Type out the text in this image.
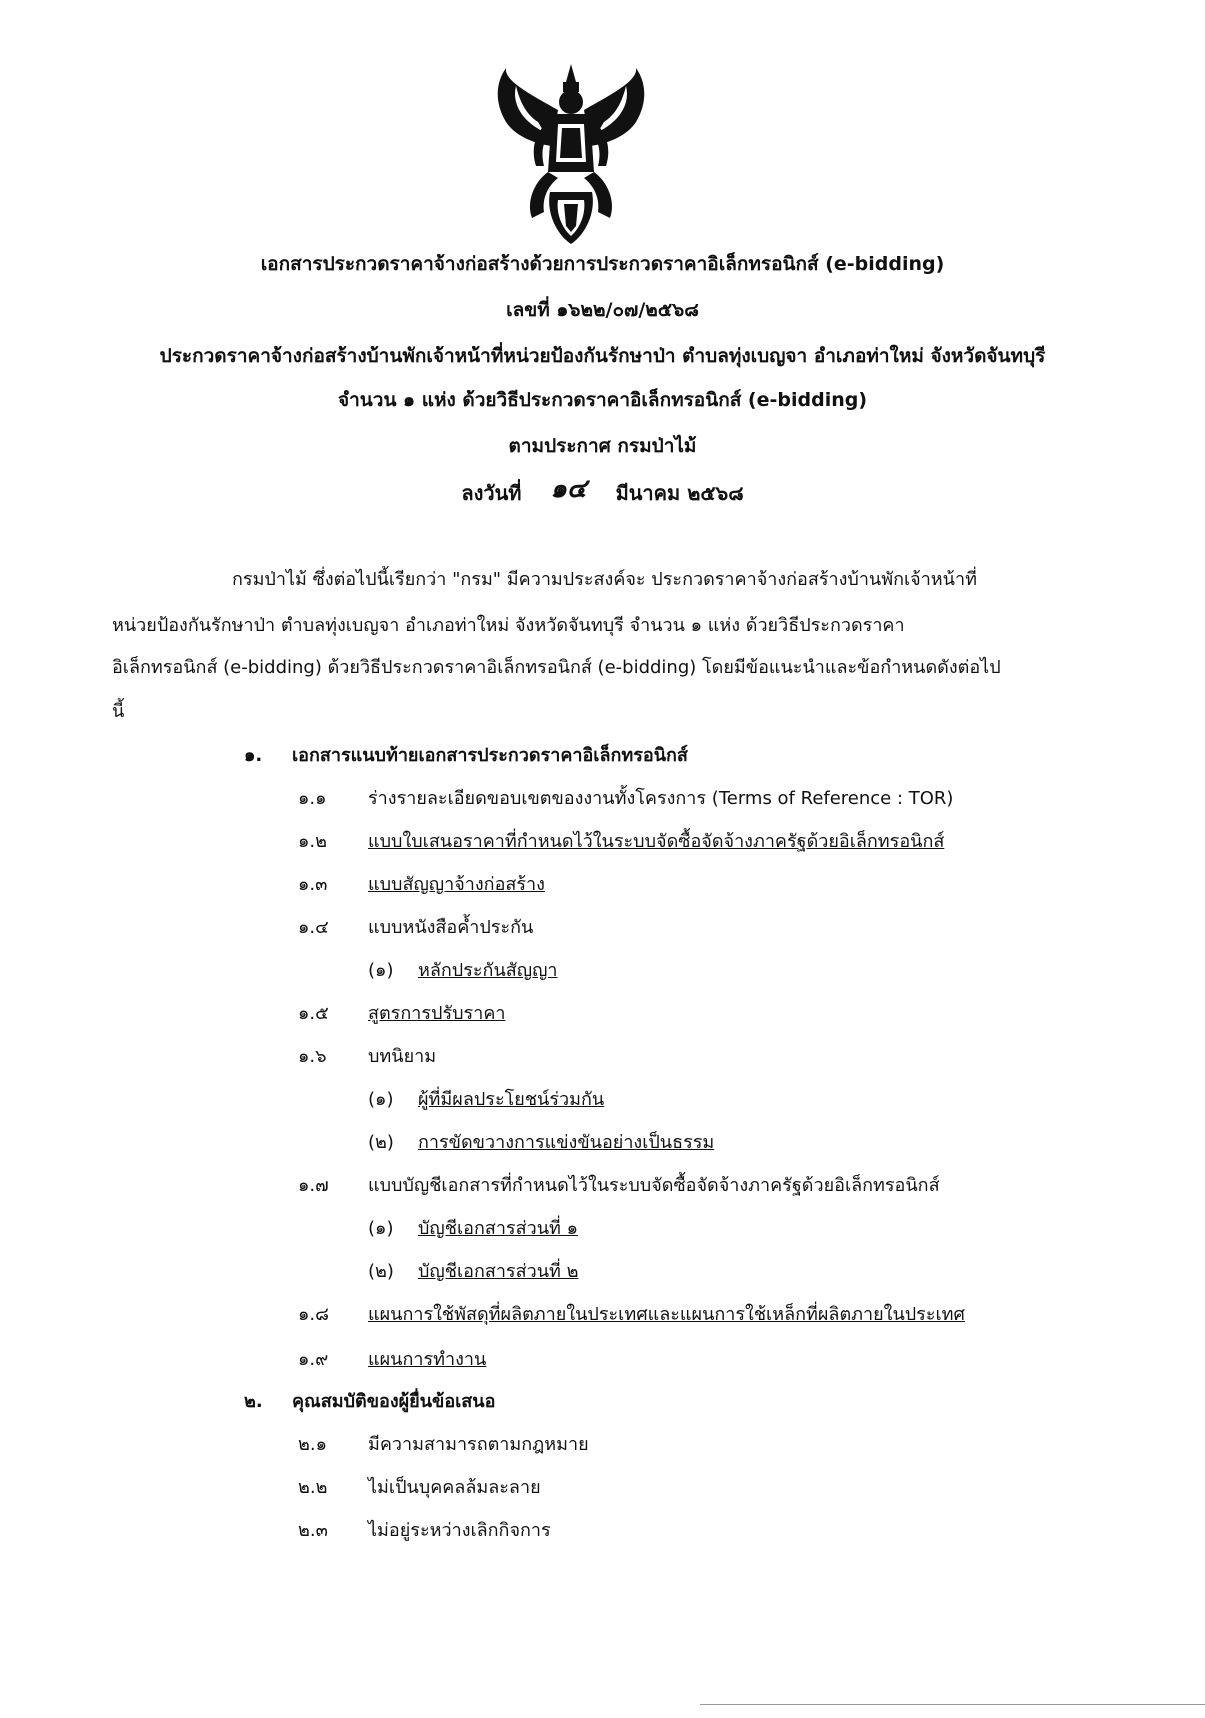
เอกสารประกวดราคาจ้างก่อสร้างด้วยการประกวดราคาอิเล็กทรอนิกส์ (e-bidding)

เลขที่ ๑๖๒๒/๐๗/๒๕๖๘

ประกวดราคาจ้างก่อสร้างบ้านพักเจ้าหน้าที่หน่วยป้องกันรักษาป่า ตำบลทุ่งเบญจา อำเภอท่าใหม่ จังหวัดจันทบุรี

จำนวน ๑ แห่ง ด้วยวิธีประกวดราคาอิเล็กทรอนิกส์ (e-bidding)

ตามประกาศ กรมป่าไม้

ลงวันที่ ๑๔ มีนาคม ๒๕๖๘

กรมป่าไม้ ซึ่งต่อไปนี้เรียกว่า "กรม" มีความประสงค์จะ ประกวดราคาจ้างก่อสร้างบ้านพักเจ้าหน้าที่
หน่วยป้องกันรักษาป่า ตำบลทุ่งเบญจา อำเภอท่าใหม่ จังหวัดจันทบุรี จำนวน ๑ แห่ง ด้วยวิธีประกวดราคา
อิเล็กทรอนิกส์ (e-bidding) ด้วยวิธีประกวดราคาอิเล็กทรอนิกส์ (e-bidding) โดยมีข้อแนะนำและข้อกำหนดดังต่อไป
นี้
๑. เอกสารแนบท้ายเอกสารประกวดราคาอิเล็กทรอนิกส์
๑.๑ ร่างรายละเอียดขอบเขตของงานทั้งโครงการ (Terms of Reference : TOR)
๑.๒ แบบใบเสนอราคาที่กำหนดไว้ในระบบจัดซื้อจัดจ้างภาครัฐด้วยอิเล็กทรอนิกส์
๑.๓ แบบสัญญาจ้างก่อสร้าง
๑.๔ แบบหนังสือค้ำประกัน
(๑) หลักประกันสัญญา
๑.๕ สูตรการปรับราคา
๑.๖ บทนิยาม
(๑) ผู้ที่มีผลประโยชน์ร่วมกัน
(๒) การขัดขวางการแข่งขันอย่างเป็นธรรม
๑.๗ แบบบัญชีเอกสารที่กำหนดไว้ในระบบจัดซื้อจัดจ้างภาครัฐด้วยอิเล็กทรอนิกส์
(๑) บัญชีเอกสารส่วนที่ ๑
(๒) บัญชีเอกสารส่วนที่ ๒
๑.๘ แผนการใช้พัสดุที่ผลิตภายในประเทศและแผนการใช้เหล็กที่ผลิตภายในประเทศ
๑.๙ แผนการทำงาน
๒. คุณสมบัติของผู้ยื่นข้อเสนอ
๒.๑ มีความสามารถตามกฎหมาย
๒.๒ ไม่เป็นบุคคลล้มละลาย
๒.๓ ไม่อยู่ระหว่างเลิกกิจการ
